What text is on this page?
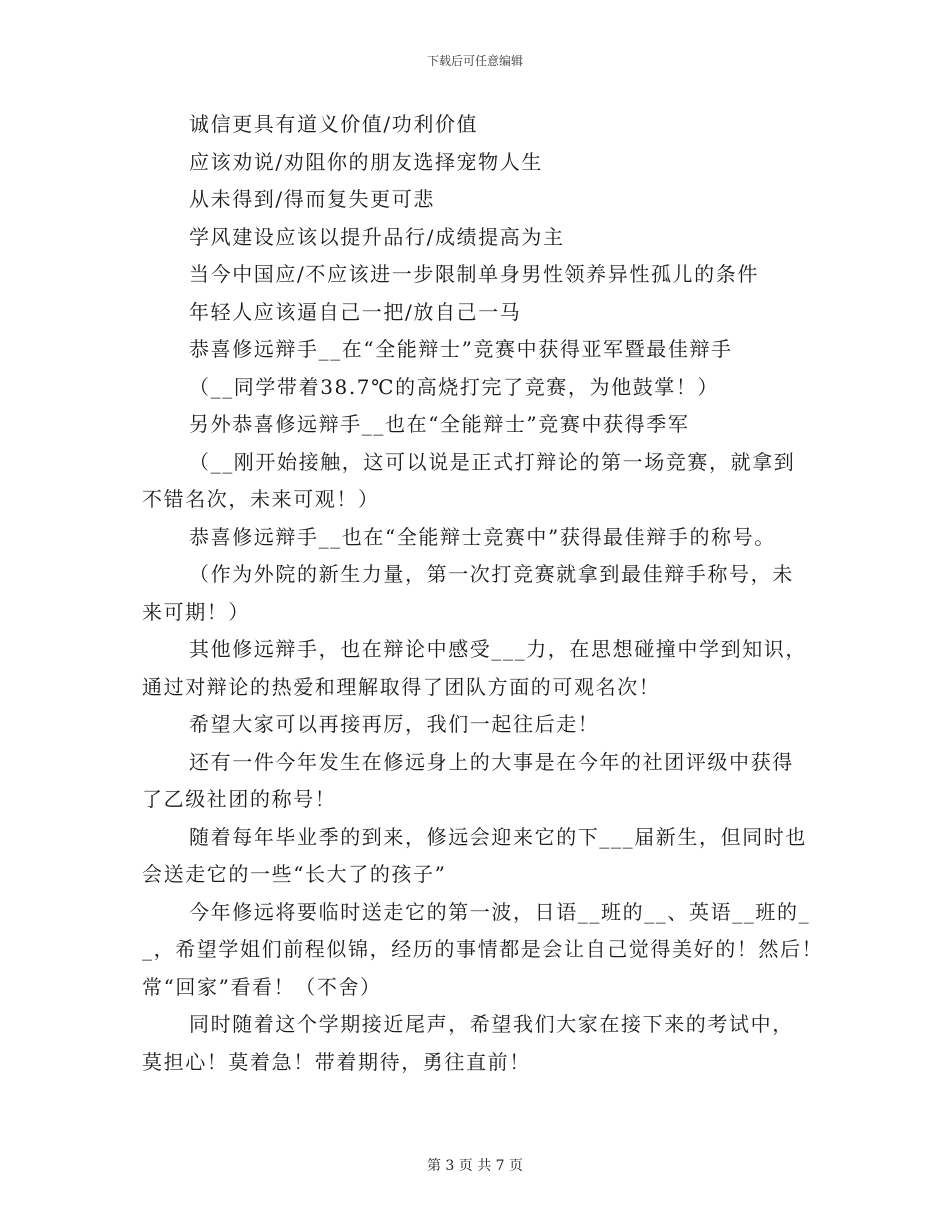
下载后可任意编辑
诚信更具有道义价值/功利价值
应该劝说/劝阻你的朋友选择宠物人生
从未得到/得而复失更可悲
学风建设应该以提升品行/成绩提高为主
当今中国应/不应该进一步限制单身男性领养异性孤儿的条件
年轻人应该逼自己一把/放自己一马
恭喜修远辩手__在“全能辩士”竞赛中获得亚军暨最佳辩手
（__同学带着38.7℃的高烧打完了竞赛，为他鼓掌！）
另外恭喜修远辩手__也在“全能辩士”竞赛中获得季军
（__刚开始接触，这可以说是正式打辩论的第一场竞赛，就拿到
不错名次，未来可观！）
恭喜修远辩手__也在“全能辩士竞赛中”获得最佳辩手的称号。
（作为外院的新生力量，第一次打竞赛就拿到最佳辩手称号，未
来可期！）
其他修远辩手，也在辩论中感受___力，在思想碰撞中学到知识，
通过对辩论的热爱和理解取得了团队方面的可观名次！
希望大家可以再接再厉，我们一起往后走！
还有一件今年发生在修远身上的大事是在今年的社团评级中获得
了乙级社团的称号！
随着每年毕业季的到来，修远会迎来它的下___届新生，但同时也
会送走它的一些“长大了的孩子”
今年修远将要临时送走它的第一波，日语__班的__、英语__班的_
_，希望学姐们前程似锦，经历的事情都是会让自己觉得美好的！然后！
常“回家”看看！（不舍）
同时随着这个学期接近尾声，希望我们大家在接下来的考试中，
莫担心！莫着急！带着期待，勇往直前！
第 3 页 共 7 页
